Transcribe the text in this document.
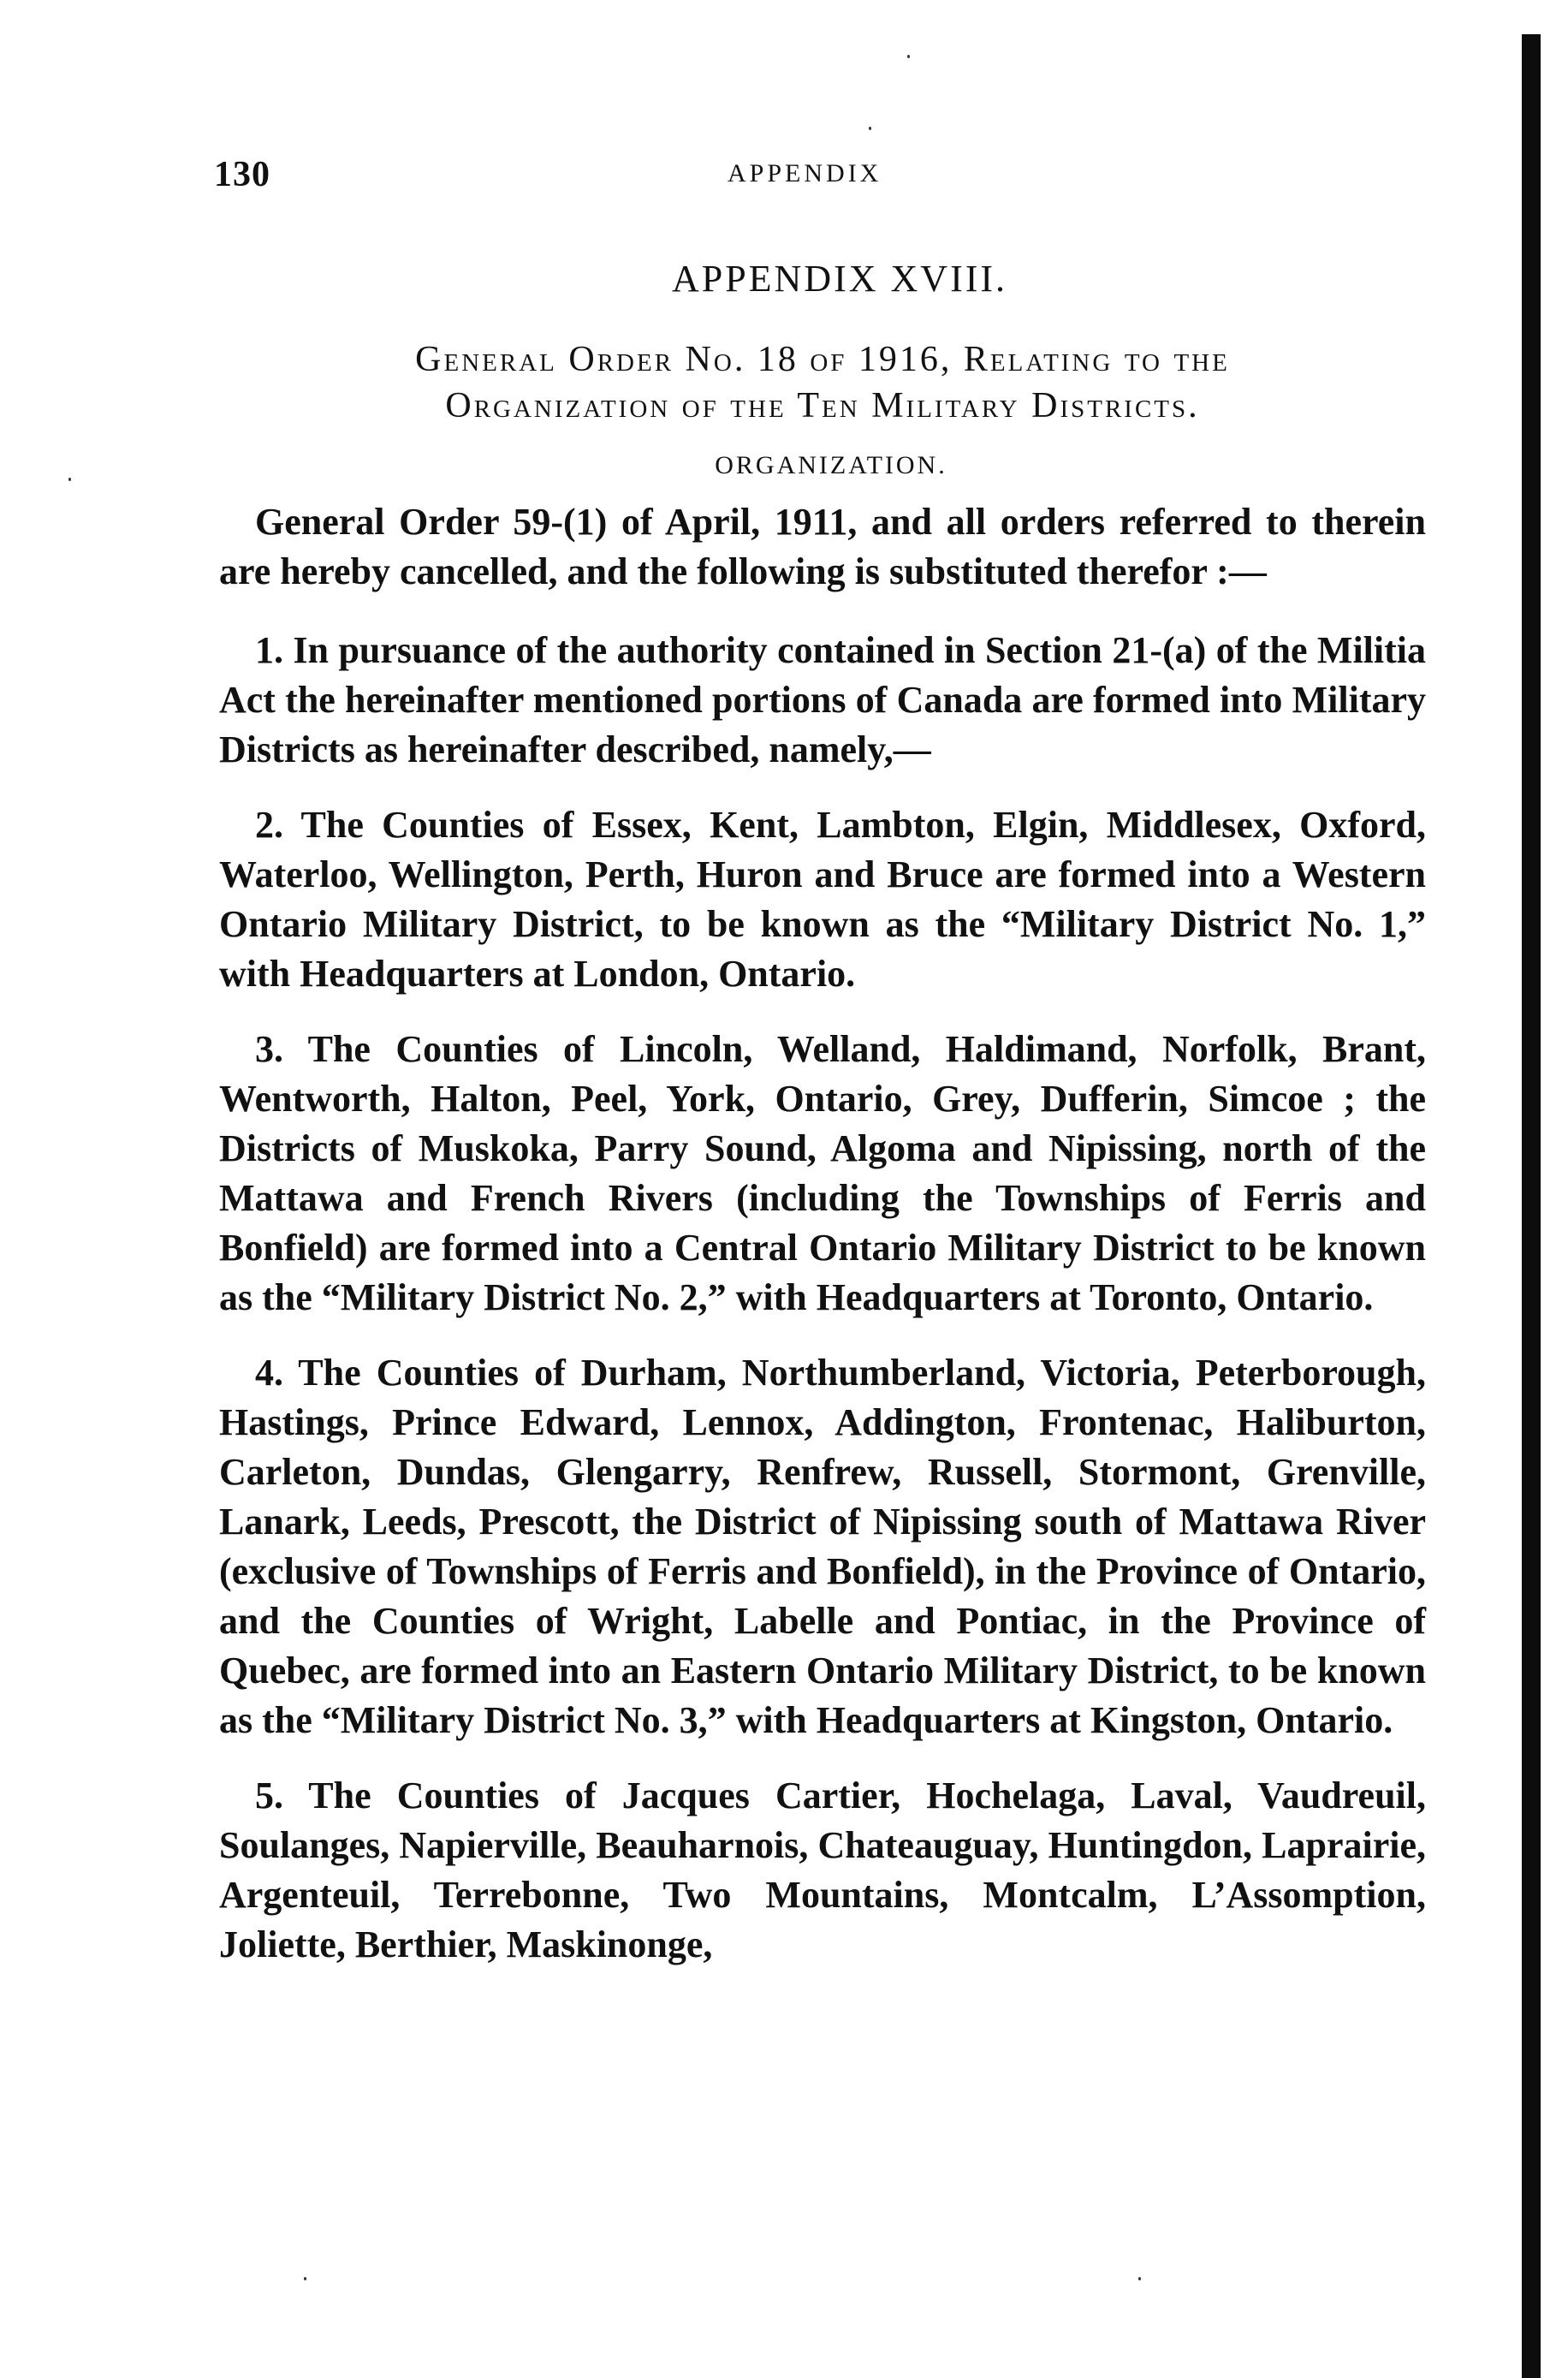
130	APPENDIX
APPENDIX XVIII.
General Order No. 18 of 1916, Relating to the
Organization of the Ten Military Districts.
ORGANIZATION.

General Order 59-(1) of April, 1911, and all orders referred to therein are hereby cancelled, and the following is substituted therefor :—

1. In pursuance of the authority contained in Section 21-(a) of the Militia Act the hereinafter mentioned portions of Canada are formed into Military Districts as hereinafter described, namely,—

2. The Counties of Essex, Kent, Lambton, Elgin, Middlesex, Oxford, Waterloo, Wellington, Perth, Huron and Bruce are formed into a Western Ontario Military District, to be known as the “Military District No. 1,” with Headquarters at London, Ontario.

3. The Counties of Lincoln, Welland, Haldimand, Norfolk, Brant, Wentworth, Halton, Peel, York, Ontario, Grey, Dufferin, Simcoe ; the Districts of Muskoka, Parry Sound, Algoma and Nipissing, north of the Mattawa and French Rivers (including the Townships of Ferris and Bonfield) are formed into a Central Ontario Military District to be known as the “Military District No. 2,” with Headquarters at Toronto, Ontario.

4. The Counties of Durham, Northumberland, Victoria, Peterborough, Hastings, Prince Edward, Lennox, Addington, Frontenac, Haliburton, Carleton, Dundas, Glengarry, Renfrew, Russell, Stormont, Grenville, Lanark, Leeds, Prescott, the District of Nipissing south of Mattawa River (exclusive of Townships of Ferris and Bonfield), in the Province of Ontario, and the Counties of Wright, Labelle and Pontiac, in the Province of Quebec, are formed into an Eastern Ontario Military District, to be known as the “Military District No. 3,” with Headquarters at Kingston, Ontario.

5. The Counties of Jacques Cartier, Hochelaga, Laval, Vaudreuil, Soulanges, Napierville, Beauharnois, Chateauguay, Huntingdon, Laprairie, Argenteuil, Terrebonne, Two Mountains, Montcalm, L’Assomption, Joliette, Berthier, Maskinonge,
